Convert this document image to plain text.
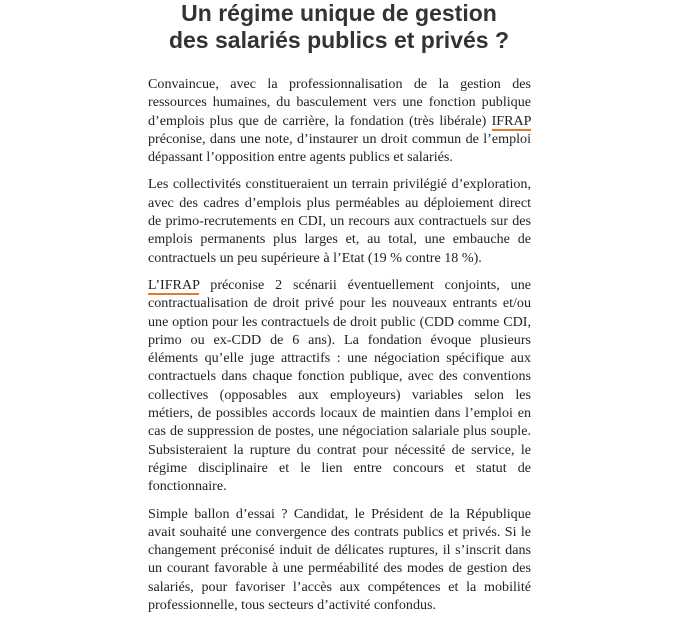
Un régime unique de gestion
des salariés publics et privés ?

Convaincue, avec la professionnalisation de la gestion des ressources humaines, du basculement vers une fonction publique d’emplois plus que de carrière, la fondation (très libérale) IFRAP préconise, dans une note, d’instaurer un droit commun de l’emploi dépassant l’opposition entre agents publics et salariés.

Les collectivités constitueraient un terrain privilégié d’exploration, avec des cadres d’emplois plus perméables au déploiement direct de primo-recrutements en CDI, un recours aux contractuels sur des emplois permanents plus larges et, au total, une embauche de contractuels un peu supérieure à l’Etat (19 % contre 18 %).

L’IFRAP préconise 2 scénarii éventuellement conjoints, une contractualisation de droit privé pour les nouveaux entrants et/ou une option pour les contractuels de droit public (CDD comme CDI, primo ou ex-CDD de 6 ans). La fondation évoque plusieurs éléments qu’elle juge attractifs : une négociation spécifique aux contractuels dans chaque fonction publique, avec des conventions collectives (opposables aux employeurs) variables selon les métiers, de possibles accords locaux de maintien dans l’emploi en cas de suppression de postes, une négociation salariale plus souple. Subsisteraient la rupture du contrat pour nécessité de service, le régime disciplinaire et le lien entre concours et statut de fonctionnaire.

Simple ballon d’essai ? Candidat, le Président de la République avait souhaité une convergence des contrats publics et privés. Si le changement préconisé induit de délicates ruptures, il s’inscrit dans un courant favorable à une perméabilité des modes de gestion des salariés, pour favoriser l’accès aux compétences et la mobilité professionnelle, tous secteurs d’activité confondus.
